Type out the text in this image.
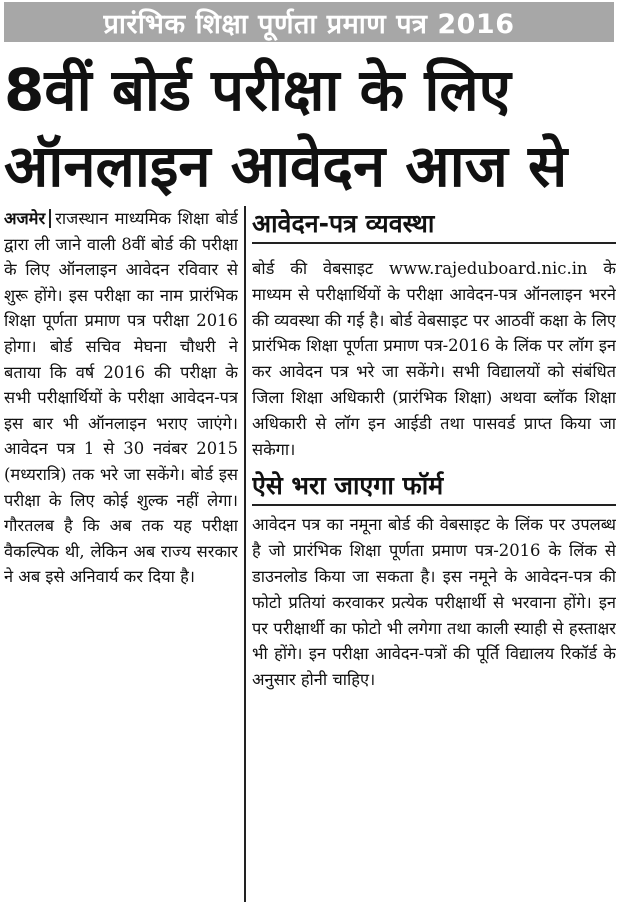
प्रारंभिक शिक्षा पूर्णता प्रमाण पत्र 2016
8वीं बोर्ड परीक्षा के लिए
ऑनलाइन आवेदन आज से
अजमेर राजस्थान माध्यमिक शिक्षा बोर्ड द्वारा ली जाने वाली 8वीं बोर्ड की परीक्षा के लिए ऑनलाइन आवेदन रविवार से शुरू होंगे। इस परीक्षा का नाम प्रारंभिक शिक्षा पूर्णता प्रमाण पत्र परीक्षा 2016 होगा। बोर्ड सचिव मेघना चौधरी ने बताया कि वर्ष 2016 की परीक्षा के सभी परीक्षार्थियों के परीक्षा आवेदन-पत्र इस बार भी ऑनलाइन भराए जाएंगे। आवेदन पत्र 1 से 30 नवंबर 2015 (मध्यरात्रि) तक भरे जा सकेंगे। बोर्ड इस परीक्षा के लिए कोई शुल्क नहीं लेगा। गौरतलब है कि अब तक यह परीक्षा वैकल्पिक थी, लेकिन अब राज्य सरकार ने अब इसे अनिवार्य कर दिया है।
आवेदन-पत्र व्यवस्था
बोर्ड की वेबसाइट www.rajeduboard.nic.in के माध्यम से परीक्षार्थियों के परीक्षा आवेदन-पत्र ऑनलाइन भरने की व्यवस्था की गई है। बोर्ड वेबसाइट पर आठवीं कक्षा के लिए प्रारंभिक शिक्षा पूर्णता प्रमाण पत्र-2016 के लिंक पर लॉग इन कर आवेदन पत्र भरे जा सकेंगे। सभी विद्यालयों को संबंधित जिला शिक्षा अधिकारी (प्रारंभिक शिक्षा) अथवा ब्लॉक शिक्षा अधिकारी से लॉग इन आईडी तथा पासवर्ड प्राप्त किया जा सकेगा।
ऐसे भरा जाएगा फॉर्म
आवेदन पत्र का नमूना बोर्ड की वेबसाइट के लिंक पर उपलब्ध है जो प्रारंभिक शिक्षा पूर्णता प्रमाण पत्र-2016 के लिंक से डाउनलोड किया जा सकता है। इस नमूने के आवेदन-पत्र की फोटो प्रतियां करवाकर प्रत्येक परीक्षार्थी से भरवाना होंगे। इन पर परीक्षार्थी का फोटो भी लगेगा तथा काली स्याही से हस्ताक्षर भी होंगे। इन परीक्षा आवेदन-पत्रों की पूर्ति विद्यालय रिकॉर्ड के अनुसार होनी चाहिए।
